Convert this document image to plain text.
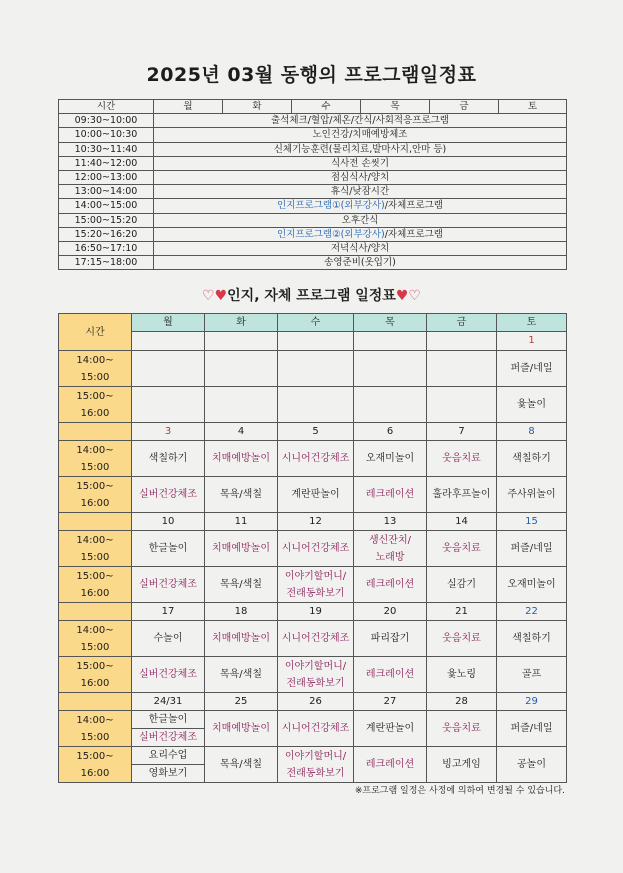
2025년 03월 동행의 프로그램일정표
시간	월	화	수	목	금	토
09:30~10:00	출석체크/혈압/체온/간식/사회적응프로그램					
10:00~10:30	노인건강/치매예방체조					
10:30~11:40	신체기능훈련(물리치료,발마사지,안마 등)					
11:40~12:00	식사전 손씻기					
12:00~13:00	점심식사/양치					
13:00~14:00	휴식/낮잠시간					
14:00~15:00	인지프로그램①(외부강사)/자체프로그램					
15:00~15:20	오후간식					
15:20~16:20	인지프로그램②(외부강사)/자체프로그램					
16:50~17:10	저녁식사/양치					
17:15~18:00	송영준비(옷입기)					
♡♥인지, 자체 프로그램 일정표♥♡
시간	월	화	수	목	금	토
						1

14:00~
15:00						퍼즐/네일

15:00~
16:00						윷놀이
	3	4	5	6	7	8

14:00~
15:00	색칠하기	치매예방놀이	시니어건강체조	오재미놀이	웃음치료	색칠하기

15:00~
16:00	실버건강체조	목욕/색칠	계란판놀이	레크레이션	훌라후프놀이	주사위놀이
	10	11	12	13	14	15

14:00~
15:00	한글놀이	치매예방놀이	시니어건강체조	생신잔치/
노래방	웃음치료	퍼즐/네일

15:00~
16:00	실버건강체조	목욕/색칠	이야기할머니/
전래동화보기	레크레이션	실감기	오재미놀이
	17	18	19	20	21	22

14:00~
15:00	수놀이	치매예방놀이	시니어건강체조	파리잡기	웃음치료	색칠하기

15:00~
16:00	실버건강체조	목욕/색칠	이야기할머니/
전래동화보기	레크레이션	윷노링	골프
	24/31	25	26	27	28	29

14:00~
15:00	한글놀이
실버건강체조	치매예방놀이	시니어건강체조	계란판놀이	웃음치료	퍼즐/네일

15:00~
16:00	요리수업
영화보기	목욕/색칠	이야기할머니/
전래동화보기	레크레이션	빙고게임	공놀이
※프로그램 일정은 사정에 의하여 변경될 수 있습니다.
